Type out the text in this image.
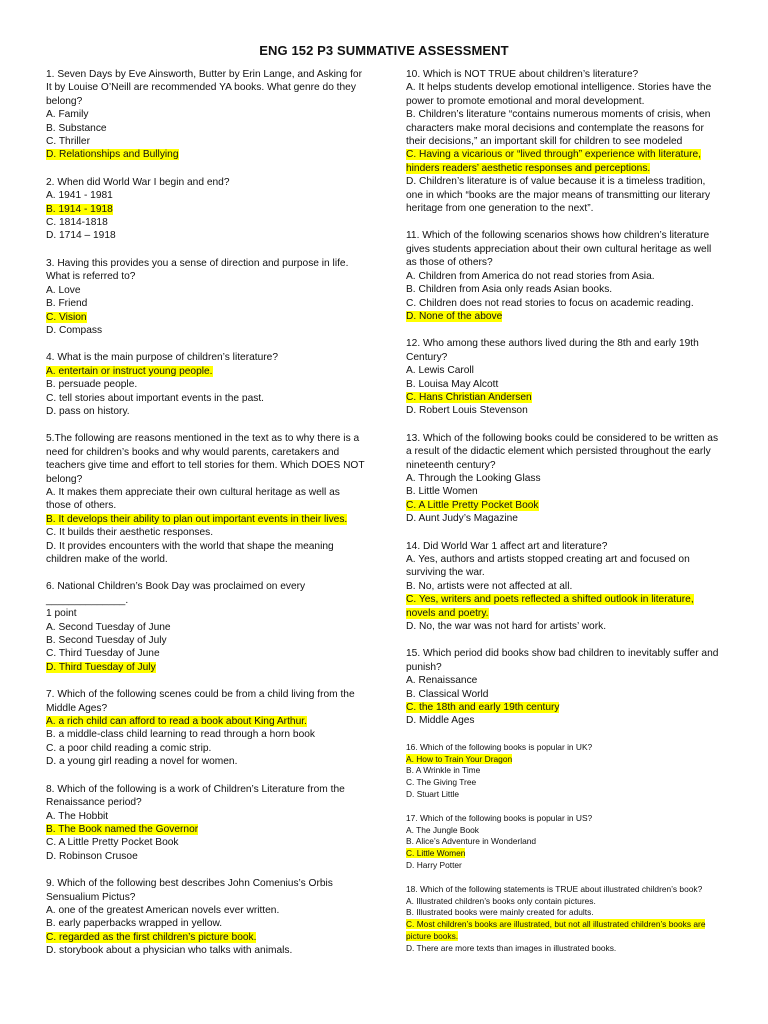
ENG 152 P3 SUMMATIVE ASSESSMENT
1. Seven Days by Eve Ainsworth, Butter by Erin Lange, and Asking for It by Louise O’Neill are recommended YA books. What genre do they belong?
A. Family
B. Substance
C. Thriller
D. Relationships and Bullying
2. When did World War I begin and end?
A. 1941 - 1981
B. 1914 - 1918
C. 1814-1818
D. 1714 – 1918
3. Having this provides you a sense of direction and purpose in life. What is referred to?
A. Love
B. Friend
C. Vision
D. Compass
4. What is the main purpose of children’s literature?
A. entertain or instruct young people.
B. persuade people.
C. tell stories about important events in the past.
D. pass on history.
5.The following are reasons mentioned in the text as to why there is a need for children’s books and why would parents, caretakers and teachers give time and effort to tell stories for them. Which DOES NOT belong?
A. It makes them appreciate their own cultural heritage as well as those of others.
B. It develops their ability to plan out important events in their lives.
C. It builds their aesthetic responses.
D. It provides encounters with the world that shape the meaning children make of the world.
6. National Children’s Book Day was proclaimed on every ______________.
1 point
A. Second Tuesday of June
B. Second Tuesday of July
C. Third Tuesday of June
D. Third Tuesday of July
7. Which of the following scenes could be from a child living from the Middle Ages?
A. a rich child can afford to read a book about King Arthur.
B. a middle-class child learning to read through a horn book
C. a poor child reading a comic strip.
D. a young girl reading a novel for women.
8. Which of the following is a work of Children’s Literature from the Renaissance period?
A. The Hobbit
B. The Book named the Governor
C. A Little Pretty Pocket Book
D. Robinson Crusoe
9. Which of the following best describes John Comenius’s Orbis Sensualium Pictus?
A. one of the greatest American novels ever written.
B. early paperbacks wrapped in yellow.
C. regarded as the first children’s picture book.
D. storybook about a physician who talks with animals.
10. Which is NOT TRUE about children’s literature?
A. It helps students develop emotional intelligence. Stories have the power to promote emotional and moral development.
B. Children’s literature “contains numerous moments of crisis, when characters make moral decisions and contemplate the reasons for their decisions,” an important skill for children to see modeled
C. Having a vicarious or “lived through” experience with literature, hinders readers’ aesthetic responses and perceptions.
D. Children’s literature is of value because it is a timeless tradition, one in which “books are the major means of transmitting our literary heritage from one generation to the next”.
11. Which of the following scenarios shows how children’s literature gives students appreciation about their own cultural heritage as well as those of others?
A. Children from America do not read stories from Asia.
B. Children from Asia only reads Asian books.
C. Children does not read stories to focus on academic reading.
D. None of the above
12. Who among these authors lived during the 8th and early 19th Century?
A. Lewis Caroll
B. Louisa May Alcott
C. Hans Christian Andersen
D. Robert Louis Stevenson
13. Which of the following books could be considered to be written as a result of the didactic element which persisted throughout the early nineteenth century?
A. Through the Looking Glass
B. Little Women
C. A Little Pretty Pocket Book
D. Aunt Judy’s Magazine
14. Did World War 1 affect art and literature?
A. Yes, authors and artists stopped creating art and focused on surviving the war.
B. No, artists were not affected at all.
C. Yes, writers and poets reflected a shifted outlook in literature, novels and poetry.
D. No, the war was not hard for artists’ work.
15. Which period did books show bad children to inevitably suffer and punish?
A. Renaissance
B. Classical World
C. the 18th and early 19th century
D. Middle Ages
16. Which of the following books is popular in UK?
A. How to Train Your Dragon
B. A Wrinkle in Time
C. The Giving Tree
D. Stuart Little
17. Which of the following books is popular in US?
A. The Jungle Book
B. Alice’s Adventure in Wonderland
C. Little Women
D. Harry Potter
18. Which of the following statements is TRUE about illustrated children’s book?
A. Illustrated children’s books only contain pictures.
B. Illustrated books were mainly created for adults.
C. Most children’s books are illustrated, but not all illustrated children’s books are picture books.
D. There are more texts than images in illustrated books.
